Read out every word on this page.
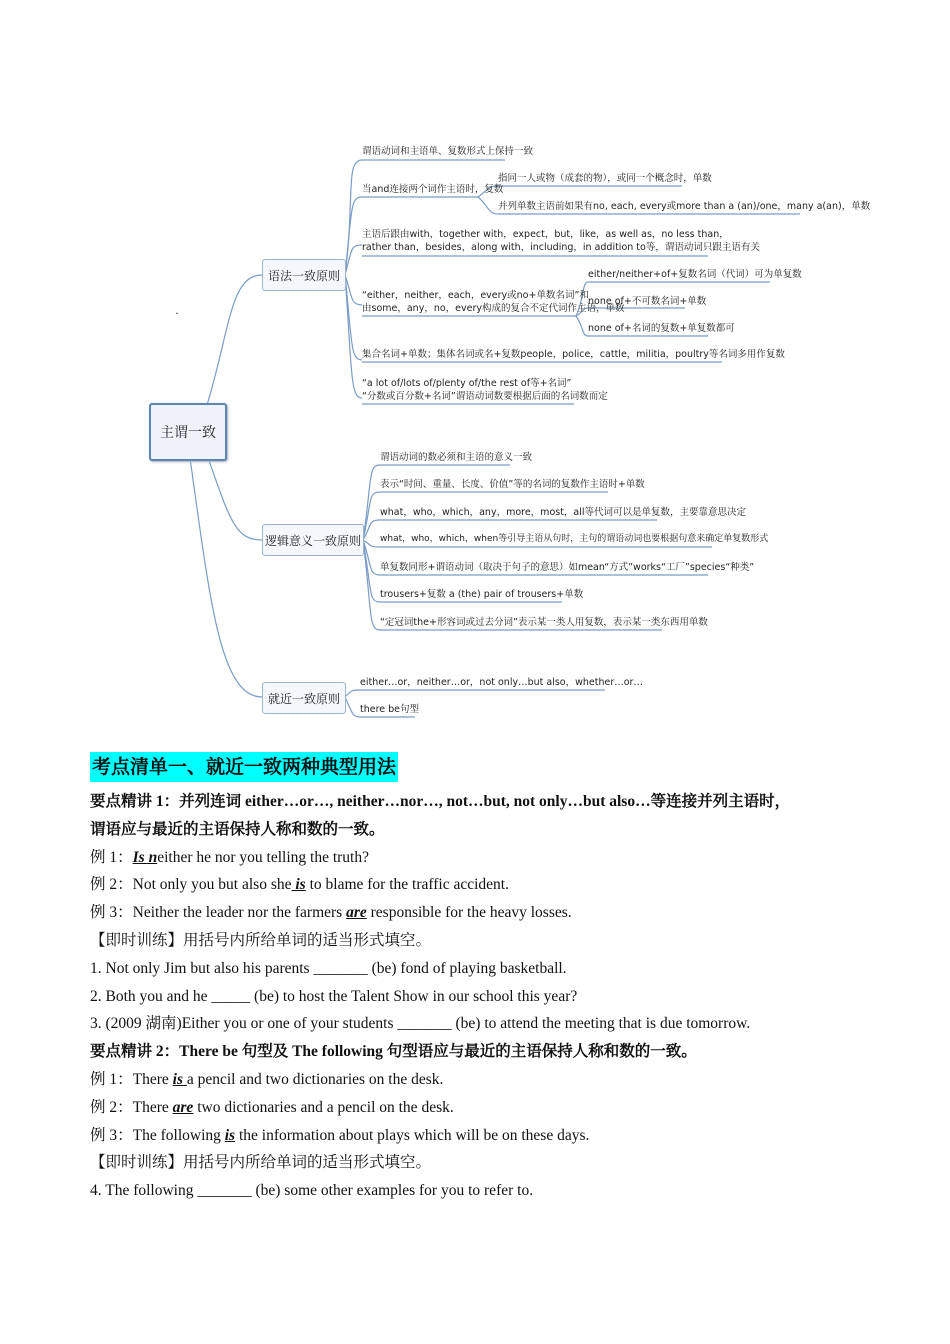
主谓一致
语法一致原则
逻辑意义一致原则
就近一致原则
谓语动词和主语单、复数形式上保持一致
当and连接两个词作主语时，复数
指同一人或物（成套的物），或同一个概念时，单数
并列单数主语前如果有no, each, every或more than a (an)/one，many a(an)，单数
主语后跟由with，together with，expect，but，like，as well as，no less than，
rather than，besides，along with，including，in addition to等，谓语动词只跟主语有关
“either，neither，each，every或no+单数名词”和
由some，any，no，every构成的复合不定代词作主语，单数
either/neither+of+复数名词（代词）可为单复数
none of+不可数名词+单数
none of+名词的复数+单复数都可
集合名词+单数；集体名词或名+复数people，police，cattle，militia，poultry等名词多用作复数
“a lot of/lots of/plenty of/the rest of等+名词”
“分数或百分数+名词”谓语动词数要根据后面的名词数而定
谓语动词的数必须和主语的意义一致
表示“时间、重量、长度、价值”等的名词的复数作主语时+单数
what，who，which，any，more，most，all等代词可以是单复数，主要靠意思决定
what，who，which，when等引导主语从句时，主句的谓语动词也要根据句意来确定单复数形式
单复数同形+谓语动词（取决于句子的意思）如mean“方式”works“工厂”species“种类”
trousers+复数 a (the) pair of trousers+单数
“定冠词the+形容词或过去分词”表示某一类人用复数，表示某一类东西用单数
either…or，neither…or，not only…but also，whether…or…
there be句型
·
考点清单一、就近一致两种典型用法
要点精讲 1：并列连词 either…or…, neither…nor…, not…but, not only…but also…等连接并列主语时，
谓语应与最近的主语保持人称和数的一致。
例 1：Is neither he nor you telling the truth?
例 2：Not only you but also she is to blame for the traffic accident.
例 3：Neither the leader nor the farmers are responsible for the heavy losses.
【即时训练】用括号内所给单词的适当形式填空。
1. Not only Jim but also his parents _______ (be) fond of playing basketball.
2. Both you and he _____ (be) to host the Talent Show in our school this year?
3. (2009 湖南)Either you or one of your students _______ (be) to attend the meeting that is due tomorrow.
要点精讲 2：There be 句型及 The following 句型语应与最近的主语保持人称和数的一致。
例 1：There is a pencil and two dictionaries on the desk.
例 2：There are two dictionaries and a pencil on the desk.
例 3：The following is the information about plays which will be on these days.
【即时训练】用括号内所给单词的适当形式填空。
4. The following _______ (be) some other examples for you to refer to.
